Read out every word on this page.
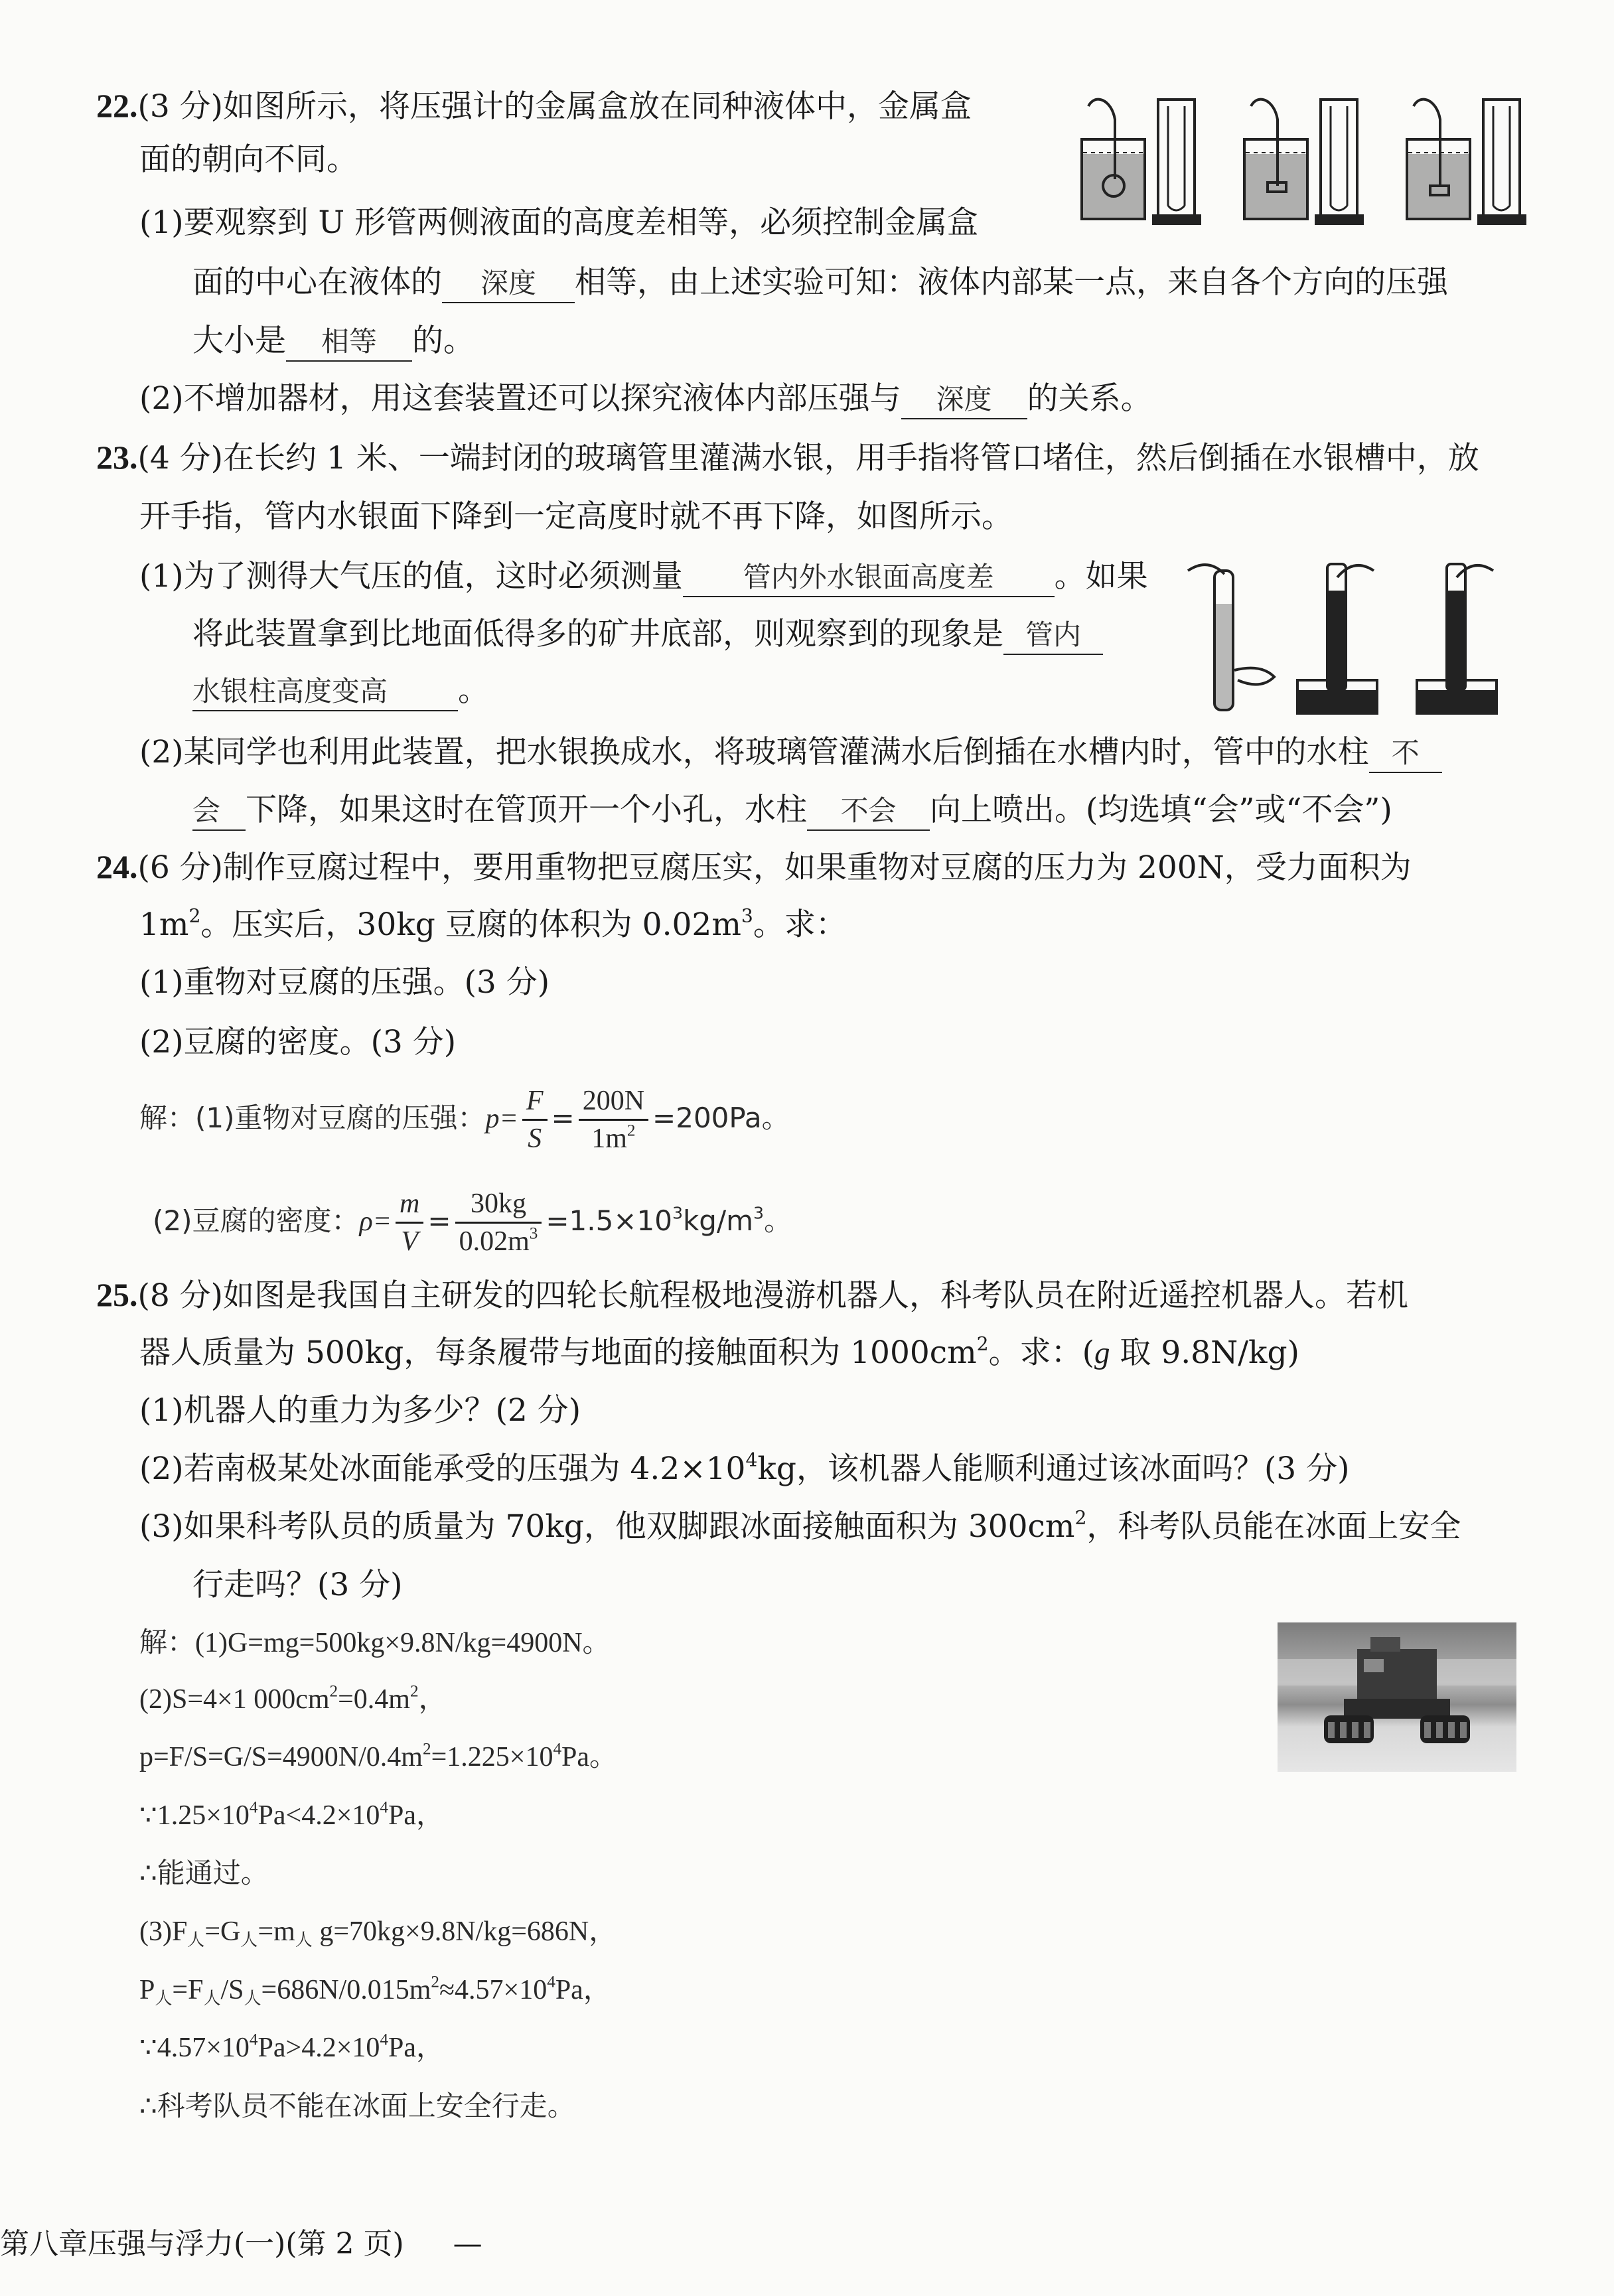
22.(3 分)如图所示，将压强计的金属盒放在同种液体中，金属盒
面的朝向不同。
(1)要观察到 U 形管两侧液面的高度差相等，必须控制金属盒
面的中心在液体的 深度 相等，由上述实验可知：液体内部某一点，来自各个方向的压强
大小是 相等 的。
(2)不增加器材，用这套装置还可以探究液体内部压强与 深度 的关系。
23.(4 分)在长约 1 米、一端封闭的玻璃管里灌满水银，用手指将管口堵住，然后倒插在水银槽中，放
开手指，管内水银面下降到一定高度时就不再下降，如图所示。
(1)为了测得大气压的值，这时必须测量 管内外水银面高度差 。如果
将此装置拿到比地面低得多的矿井底部，则观察到的现象是 管内
水银柱高度变高 。
(2)某同学也利用此装置，把水银换成水，将玻璃管灌满水后倒插在水槽内时，管中的水柱 不
会 下降，如果这时在管顶开一个小孔，水柱 不会 向上喷出。(均选填“会”或“不会”)
24.(6 分)制作豆腐过程中，要用重物把豆腐压实，如果重物对豆腐的压力为 200N，受力面积为
$1m^2$。压实后，30kg 豆腐的体积为 $0.02m^3$。求：
(1)重物对豆腐的压强。(3 分)
(2)豆腐的密度。(3 分)
解：(1)重物对豆腐的压强：$p= \frac{F}{S} = \frac{200N}{1m^2} =200Pa$。
(2)豆腐的密度：$\rho= \frac{m}{V} = \frac{30kg}{0.02m^3} =1.5\times 10^3kg/m^3$。
25.(8 分)如图是我国自主研发的四轮长航程极地漫游机器人，科考队员在附近遥控机器人。若机
器人质量为 500kg，每条履带与地面的接触面积为 $1000cm^2$。求：(g 取 9.8N/kg)
(1)机器人的重力为多少？(2 分)
(2)若南极某处冰面能承受的压强为 $4.2\times 10^4kg$，该机器人能顺利通过该冰面吗？(3 分)
(3)如果科考队员的质量为 70kg，他双脚跟冰面接触面积为 $300cm^2$，科考队员能在冰面上安全
行走吗？(3 分)
解：(1)G=mg=500kg×9.8N/kg=4900N。
(2)S=4×1 $000cm^2=0.4m^2$，
$p=F/S=G/S=4900N/0.4m^2=1.225\times 10^4Pa$。
$\because 1.25\times 10^4Pa<4.2\times 10^4Pa$，
∴能通过。
$(3)F_人=G_人=m_人$ g=70kg×9.8N/kg=686N，
$P_人=F_人/S_人=686N/0.015m^2\approx 4.57\times 10^4Pa$，
$\because 4.57\times 10^4Pa>4.2\times 10^4Pa$，
∴科考队员不能在冰面上安全行走。
第八章压强与浮力(一)(第 2 页) —
